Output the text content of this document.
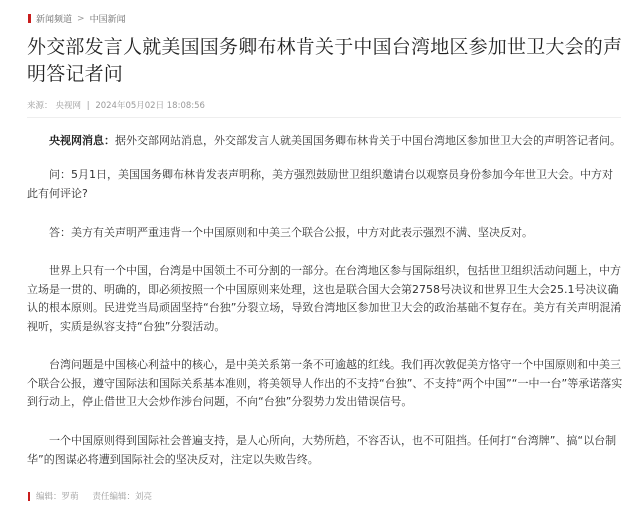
新闻频道 > 中国新闻
外交部发言人就美国国务卿布林肯关于中国台湾地区参加世卫大会的声明答记者问
来源： 央视网 | 2024年05月02日 18:08:56

央视网消息：据外交部网站消息，外交部发言人就美国国务卿布林肯关于中国台湾地区参加世卫大会的声明答记者问。

问：5月1日，美国国务卿布林肯发表声明称，美方强烈鼓励世卫组织邀请台以观察员身份参加今年世卫大会。中方对此有何评论?

答：美方有关声明严重违背一个中国原则和中美三个联合公报，中方对此表示强烈不满、坚决反对。

世界上只有一个中国，台湾是中国领土不可分割的一部分。在台湾地区参与国际组织，包括世卫组织活动问题上，中方立场是一贯的、明确的，即必须按照一个中国原则来处理，这也是联合国大会第2758号决议和世界卫生大会25.1号决议确认的根本原则。民进党当局顽固坚持“台独”分裂立场，导致台湾地区参加世卫大会的政治基础不复存在。美方有关声明混淆视听，实质是纵容支持“台独”分裂活动。

台湾问题是中国核心利益中的核心，是中美关系第一条不可逾越的红线。我们再次敦促美方恪守一个中国原则和中美三个联合公报，遵守国际法和国际关系基本准则，将美领导人作出的不支持“台独”、不支持“两个中国”“一中一台”等承诺落实到行动上，停止借世卫大会炒作涉台问题，不向“台独”分裂势力发出错误信号。

一个中国原则得到国际社会普遍支持，是人心所向，大势所趋，不容否认，也不可阻挡。任何打“台湾牌”、搞“以台制华”的图谋必将遭到国际社会的坚决反对，注定以失败告终。

编辑： 罗萌 责任编辑： 刘亮
